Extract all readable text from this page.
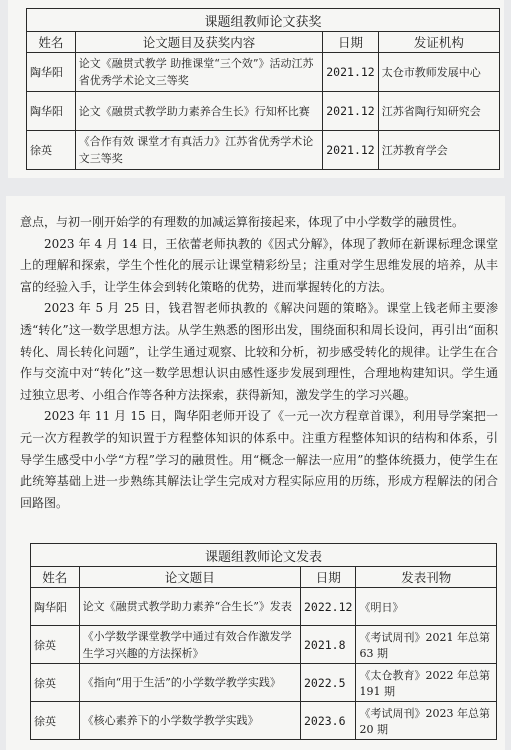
课题组教师论文获奖			
姓名	论文题目及获奖内容	日期	发证机构
陶华阳	论文《融贯式教学 助推课堂“三个效”》活动江苏省优秀学术论文三等奖	2021.12	太仓市教师发展中心
陶华阳	论文《融贯式教学助力素养合生长》行知杯比赛	2021.12	江苏省陶行知研究会
徐英	《合作有效 课堂才有真活力》江苏省优秀学术论文三等奖	2021.12	江苏教育学会

意点，与初一刚开始学的有理数的加减运算衔接起来，体现了中小学数学的融贯性。

2023 年 4 月 14 日，王依蕾老师执教的《因式分解》，体现了教师在新课标理念课堂上的理解和探索，学生个性化的展示让课堂精彩纷呈；注重对学生思维发展的培养，从丰富的经验入手，让学生体会到转化策略的优势，进而掌握转化的方法。

2023 年 5 月 25 日，钱君智老师执教的《解决问题的策略》。课堂上钱老师主要渗透“转化”这一数学思想方法。从学生熟悉的图形出发，围绕面积和周长设问，再引出“面积转化、周长转化问题”，让学生通过观察、比较和分析，初步感受转化的规律。让学生在合作与交流中对“转化”这一数学思想认识由感性逐步发展到理性，合理地构建知识。学生通过独立思考、小组合作等各种方法探索，获得新知，激发学生的学习兴趣。

2023 年 11 月 15 日，陶华阳老师开设了《一元一次方程章首课》，利用导学案把一元一次方程教学的知识置于方程整体知识的体系中。注重方程整体知识的结构和体系，引导学生感受中小学“方程”学习的融贯性。用“概念一解法一应用”的整体统摄力，使学生在此统筹基础上进一步熟练其解法让学生完成对方程实际应用的历练，形成方程解法的闭合回路图。

课题组教师论文发表			
姓名	论文题目	日期	发表刊物
陶华阳	论文《融贯式教学助力素养“合生长”》发表	2022.12	《明日》
徐英	《小学数学课堂教学中通过有效合作激发学生学习兴趣的方法探析》	2021.8	《考试周刊》2021 年总第 63 期
徐英	《指向“用于生活”的小学数学教学实践》	2022.5	《太仓教育》2022 年总第 191 期
徐英	《核心素养下的小学数学教学实践》	2023.6	《考试周刊》2023 年总第 20 期
